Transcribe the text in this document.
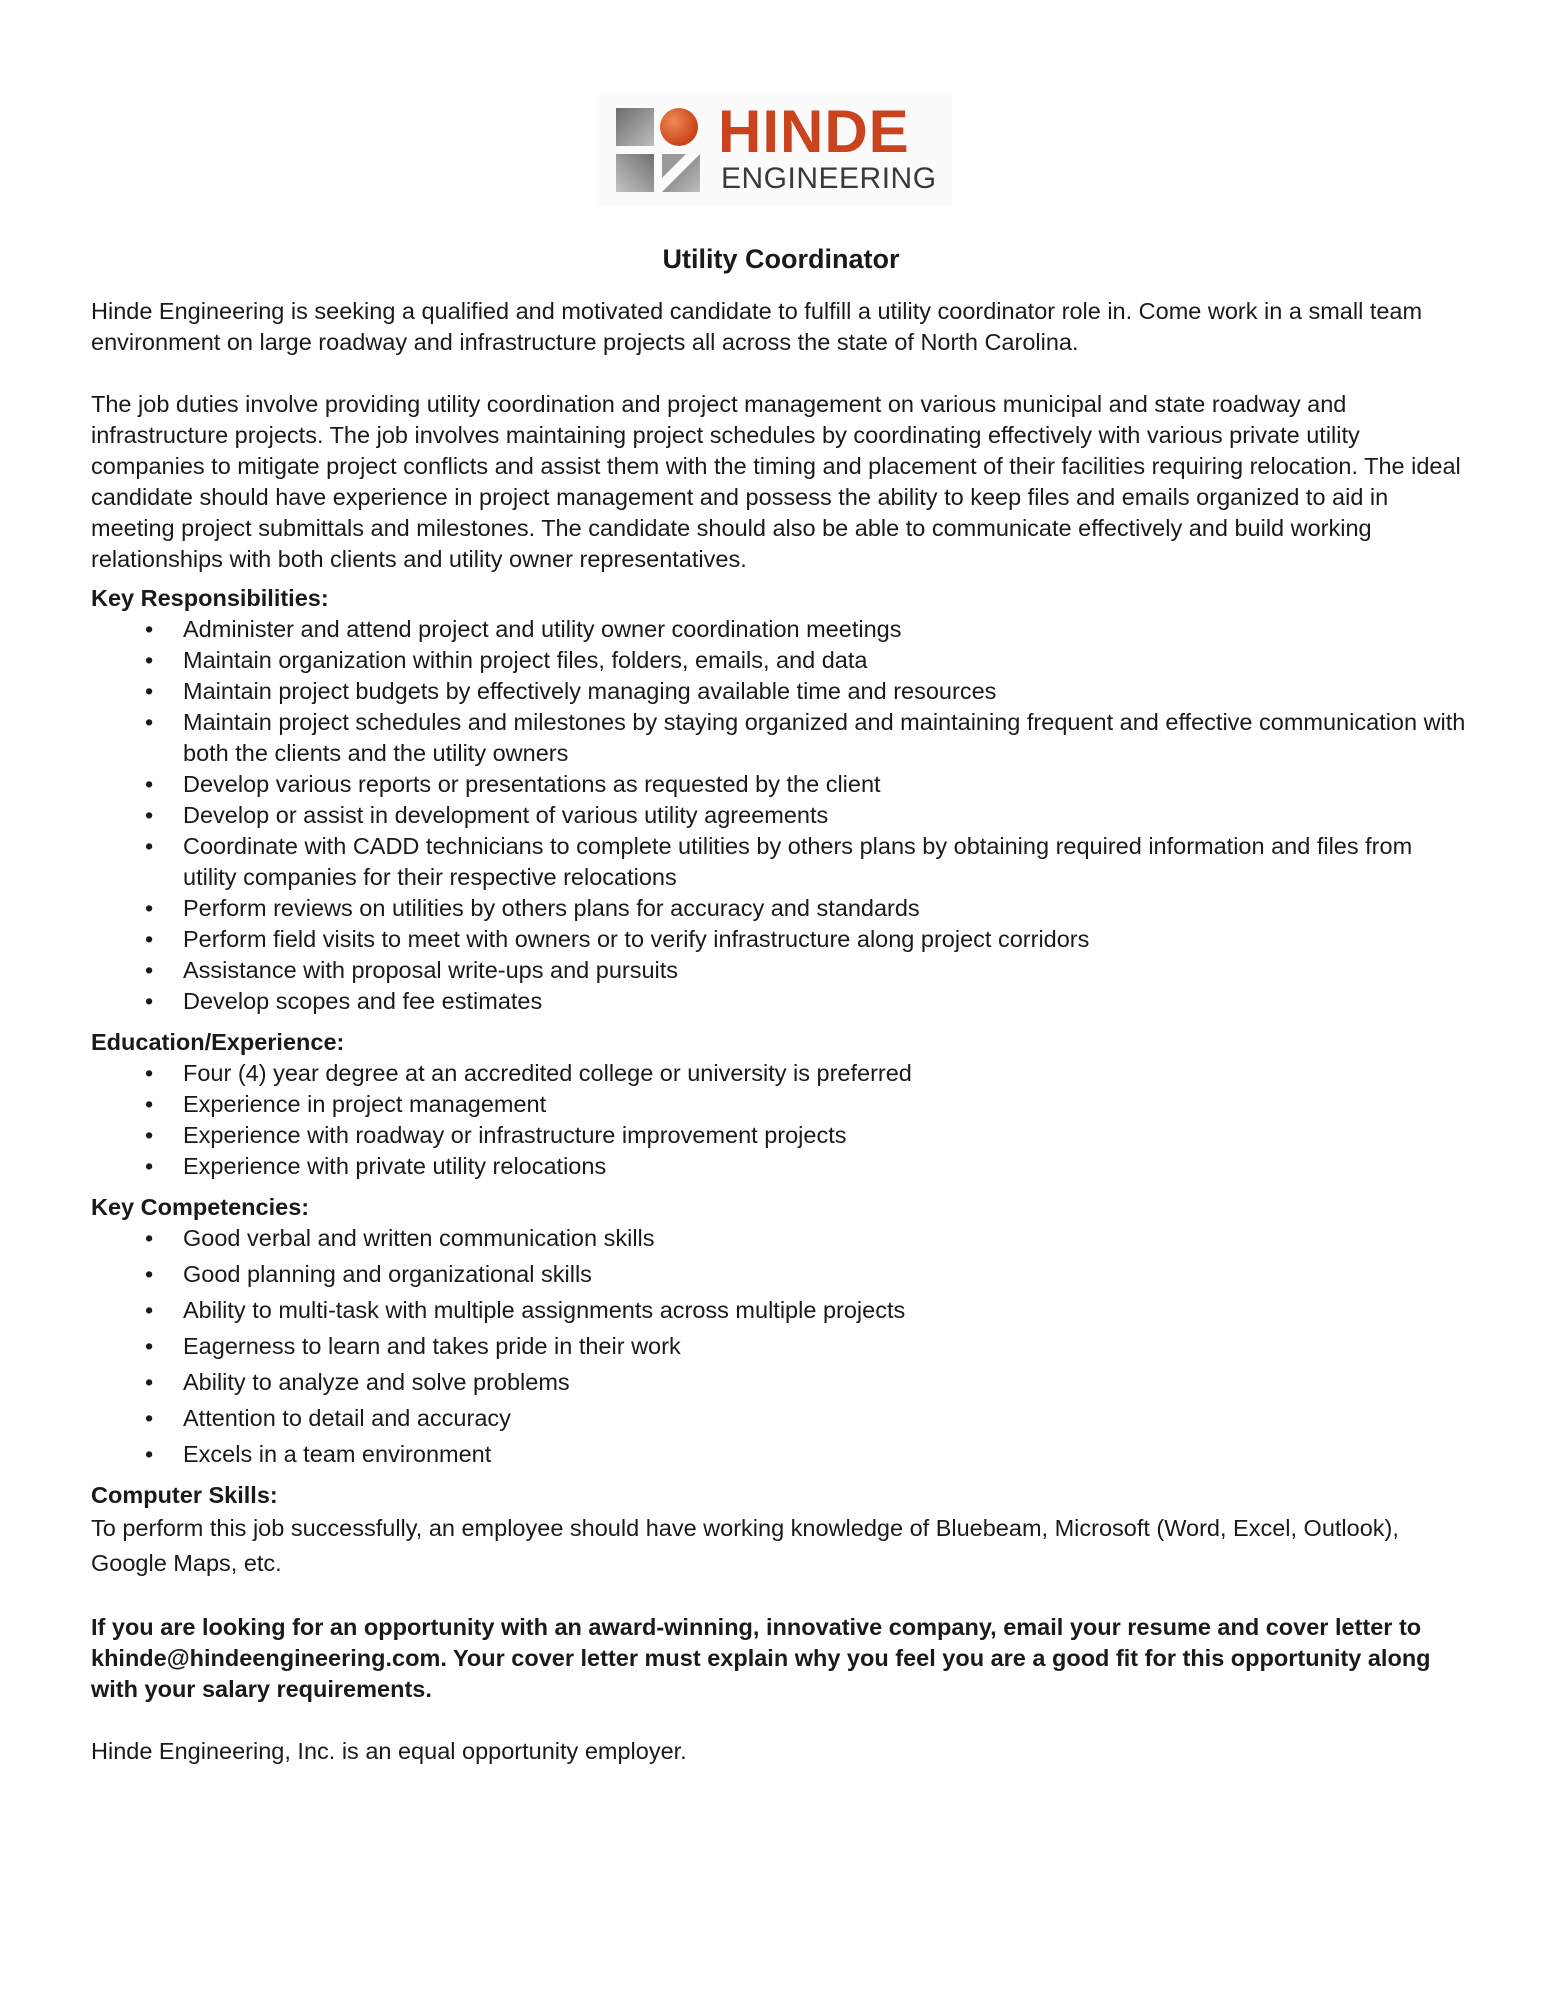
HINDE
ENGINEERING
Utility Coordinator

Hinde Engineering is seeking a qualified and motivated candidate to fulfill a utility coordinator role in. Come work in a small team environment on large roadway and infrastructure projects all across the state of North Carolina.

The job duties involve providing utility coordination and project management on various municipal and state roadway and infrastructure projects. The job involves maintaining project schedules by coordinating effectively with various private utility companies to mitigate project conflicts and assist them with the timing and placement of their facilities requiring relocation. The ideal candidate should have experience in project management and possess the ability to keep files and emails organized to aid in meeting project submittals and milestones. The candidate should also be able to communicate effectively and build working relationships with both clients and utility owner representatives.

Key Responsibilities:
• Administer and attend project and utility owner coordination meetings
• Maintain organization within project files, folders, emails, and data
• Maintain project budgets by effectively managing available time and resources
• Maintain project schedules and milestones by staying organized and maintaining frequent and effective communication with both the clients and the utility owners
• Develop various reports or presentations as requested by the client
• Develop or assist in development of various utility agreements
• Coordinate with CADD technicians to complete utilities by others plans by obtaining required information and files from utility companies for their respective relocations
• Perform reviews on utilities by others plans for accuracy and standards
• Perform field visits to meet with owners or to verify infrastructure along project corridors
• Assistance with proposal write-ups and pursuits
• Develop scopes and fee estimates
Education/Experience:
• Four (4) year degree at an accredited college or university is preferred
• Experience in project management
• Experience with roadway or infrastructure improvement projects
• Experience with private utility relocations
Key Competencies:
• Good verbal and written communication skills
• Good planning and organizational skills
• Ability to multi-task with multiple assignments across multiple projects
• Eagerness to learn and takes pride in their work
• Ability to analyze and solve problems
• Attention to detail and accuracy
• Excels in a team environment
Computer Skills:

To perform this job successfully, an employee should have working knowledge of Bluebeam, Microsoft (Word, Excel, Outlook), Google Maps, etc.

If you are looking for an opportunity with an award-winning, innovative company, email your resume and cover letter to khinde@hindeengineering.com. Your cover letter must explain why you feel you are a good fit for this opportunity along with your salary requirements.

Hinde Engineering, Inc. is an equal opportunity employer.
